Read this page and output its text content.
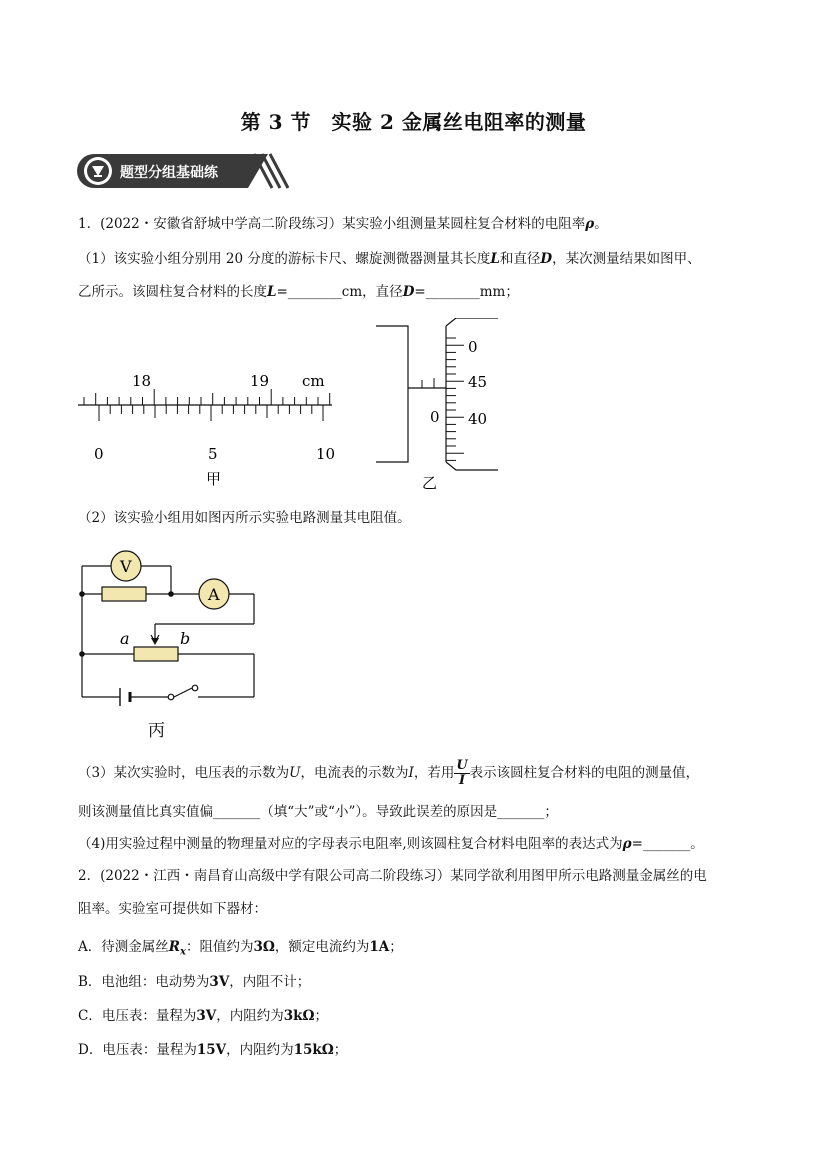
第 3 节　实验 2 金属丝电阻率的测量
题型分组基础练
1．(2022・安徽省舒城中学高二阶段练习）某实验小组测量某圆柱复合材料的电阻率ρ。
（1）该实验小组分别用 20 分度的游标卡尺、螺旋测微器测量其长度L和直径D，某次测量结果如图甲、
乙所示。该圆柱复合材料的长度L=________cm，直径D=________mm；
18	19 cm
0	5	10
甲
0
0
45
40
乙
（2）该实验小组用如图丙所示实验电路测量其电阻值。
V
A
a	b
丙
（3）某次实验时，电压表的示数为U，电流表的示数为I，若用 $\frac{U}{I}$ 表示该圆柱复合材料的电阻的测量值，
则该测量值比真实值偏_______（填“大”或“小”）。导致此误差的原因是_______；
（4)用实验过程中测量的物理量对应的字母表示电阻率,则该圆柱复合材料电阻率的表达式为ρ=_______。
2．(2022・江西・南昌育山高级中学有限公司高二阶段练习）某同学欲利用图甲所示电路测量金属丝的电
阻率。实验室可提供如下器材：
A．待测金属丝$R_x$：阻值约为3Ω，额定电流约为1A；
B．电池组：电动势为3V，内阻不计；
C．电压表：量程为3V，内阻约为3kΩ；
D．电压表：量程为15V，内阻约为15kΩ；
